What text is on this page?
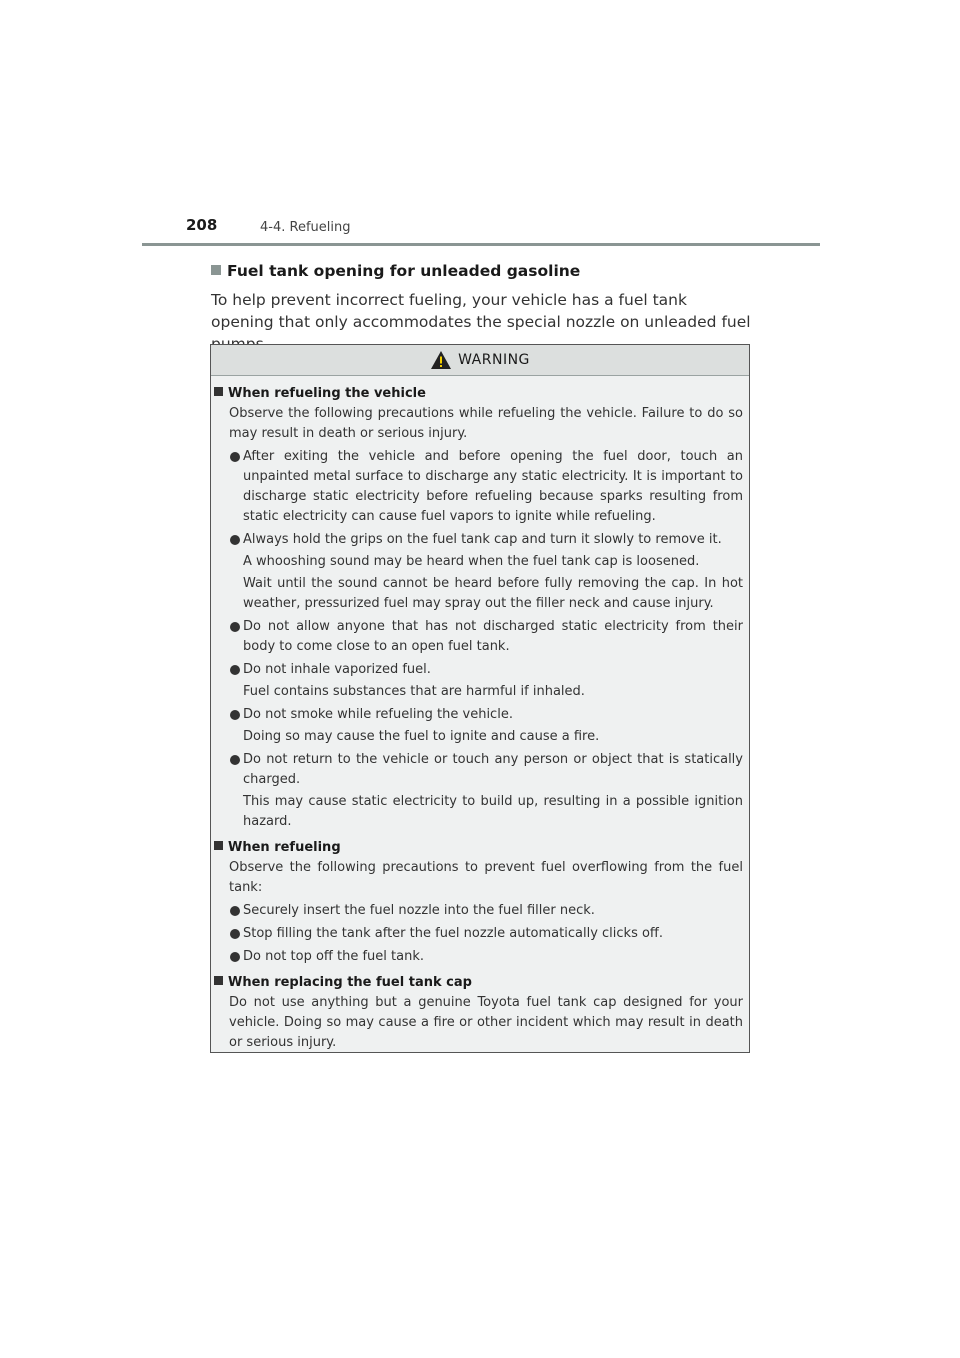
208	4-4. Refueling
Fuel tank opening for unleaded gasoline
To help prevent incorrect fueling, your vehicle has a fuel tank opening that only accommodates the special nozzle on unleaded fuel
WARNING
When refueling the vehicle
Observe the following precautions while refueling the vehicle. Failure to do so may result in death or serious injury.
After exiting the vehicle and before opening the fuel door, touch an unpainted metal surface to discharge any static electricity. It is important to discharge static electricity before refueling because sparks resulting from static electricity can cause fuel vapors to ignite while refueling.
Always hold the grips on the fuel tank cap and turn it slowly to remove it.
A whooshing sound may be heard when the fuel tank cap is loosened.
Wait until the sound cannot be heard before fully removing the cap. In hot weather, pressurized fuel may spray out the filler neck and cause injury.
Do not allow anyone that has not discharged static electricity from their body to come close to an open fuel tank.
Do not inhale vaporized fuel.
Fuel contains substances that are harmful if inhaled.
Do not smoke while refueling the vehicle.
Doing so may cause the fuel to ignite and cause a fire.
Do not return to the vehicle or touch any person or object that is statically charged.
This may cause static electricity to build up, resulting in a possible ignition hazard.
When refueling
Observe the following precautions to prevent fuel overflowing from the fuel tank:
Securely insert the fuel nozzle into the fuel filler neck.
Stop filling the tank after the fuel nozzle automatically clicks off.
Do not top off the fuel tank.
When replacing the fuel tank cap
Do not use anything but a genuine Toyota fuel tank cap designed for your vehicle. Doing so may cause a fire or other incident which may result in death or serious injury.
